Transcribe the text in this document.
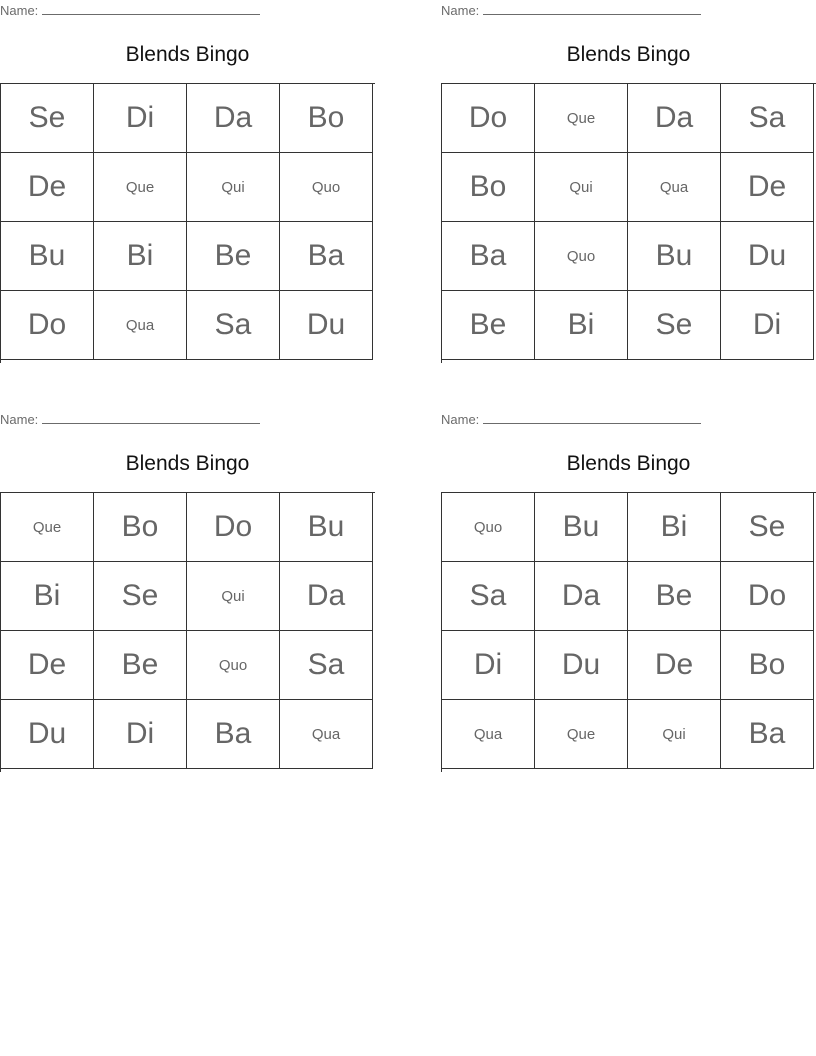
Name:
Blends Bingo
Se	Di	Da	Bo
De	Que	Qui	Quo
Bu	Bi	Be	Ba
Do	Qua	Sa	Du
Name:
Blends Bingo
Do	Que	Da	Sa
Bo	Qui	Qua	De
Ba	Quo	Bu	Du
Be	Bi	Se	Di
Name:
Blends Bingo
Que	Bo	Do	Bu
Bi	Se	Qui	Da
De	Be	Quo	Sa
Du	Di	Ba	Qua
Name:
Blends Bingo
Quo	Bu	Bi	Se
Sa	Da	Be	Do
Di	Du	De	Bo
Qua	Que	Qui	Ba
